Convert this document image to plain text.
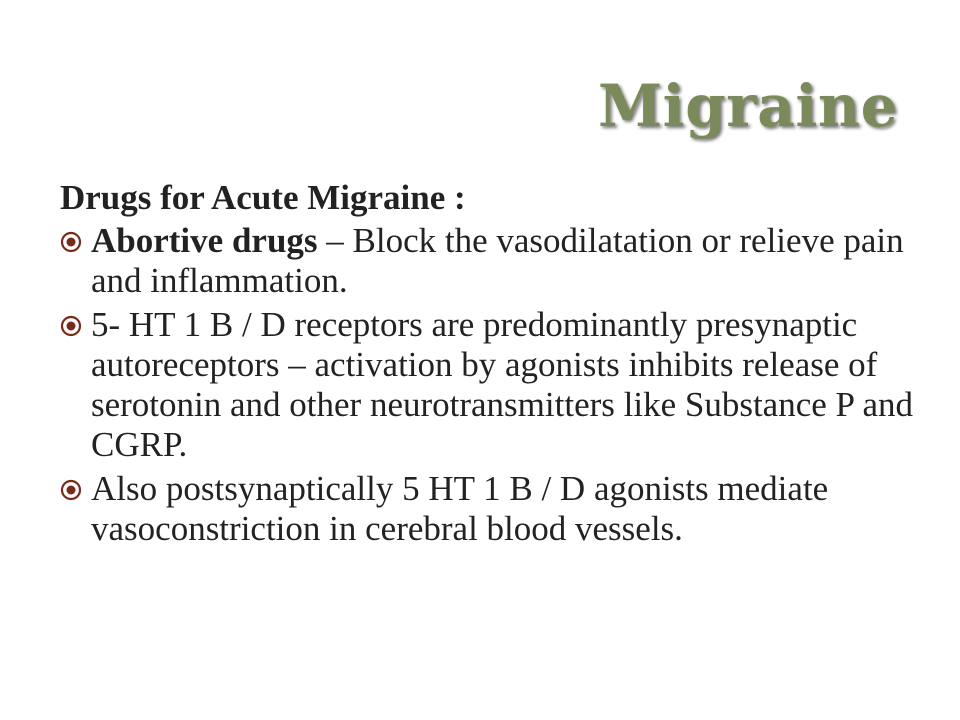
Migraine
Drugs for Acute Migraine :
Abortive drugs – Block the vasodilatation or relieve pain and inflammation.
5- HT 1 B / D receptors are predominantly presynaptic autoreceptors – activation by agonists inhibits release of serotonin and other neurotransmitters like Substance P and CGRP.
Also postsynaptically 5 HT 1 B / D agonists mediate vasoconstriction in cerebral blood vessels.
